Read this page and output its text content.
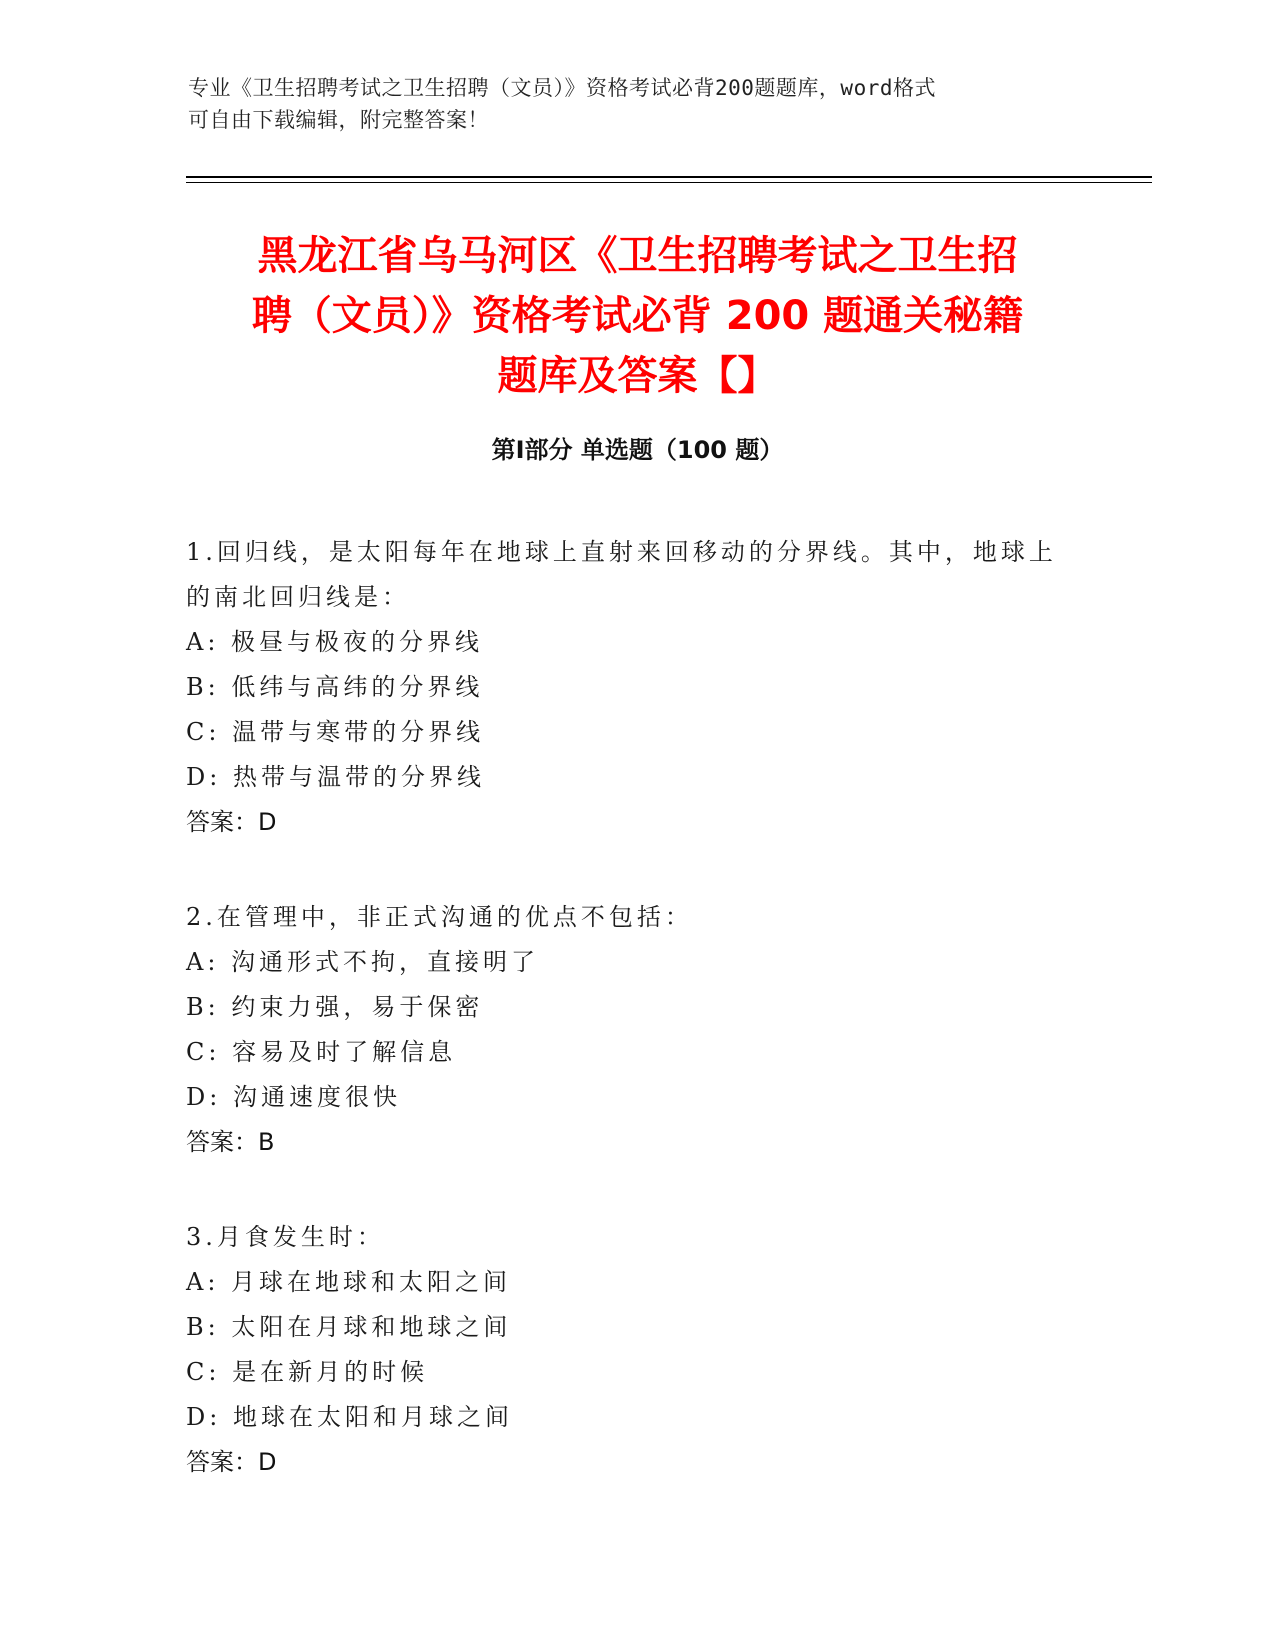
专业《卫生招聘考试之卫生招聘（文员）》资格考试必背200题题库，word格式

可自由下载编辑，附完整答案！

黑龙江省乌马河区《卫生招聘考试之卫生招
聘（文员）》资格考试必背 200 题通关秘籍
题库及答案【】
第Ⅰ部分 单选题（100 题）

1.回归线，是太阳每年在地球上直射来回移动的分界线。其中，地球上的南北回归线是：

A: 极昼与极夜的分界线

B: 低纬与高纬的分界线

C: 温带与寒带的分界线

D: 热带与温带的分界线

答案：D

2.在管理中，非正式沟通的优点不包括：

A: 沟通形式不拘，直接明了

B: 约束力强，易于保密

C: 容易及时了解信息

D: 沟通速度很快

答案：B

3.月食发生时：

A: 月球在地球和太阳之间

B: 太阳在月球和地球之间

C: 是在新月的时候

D: 地球在太阳和月球之间

答案：D
